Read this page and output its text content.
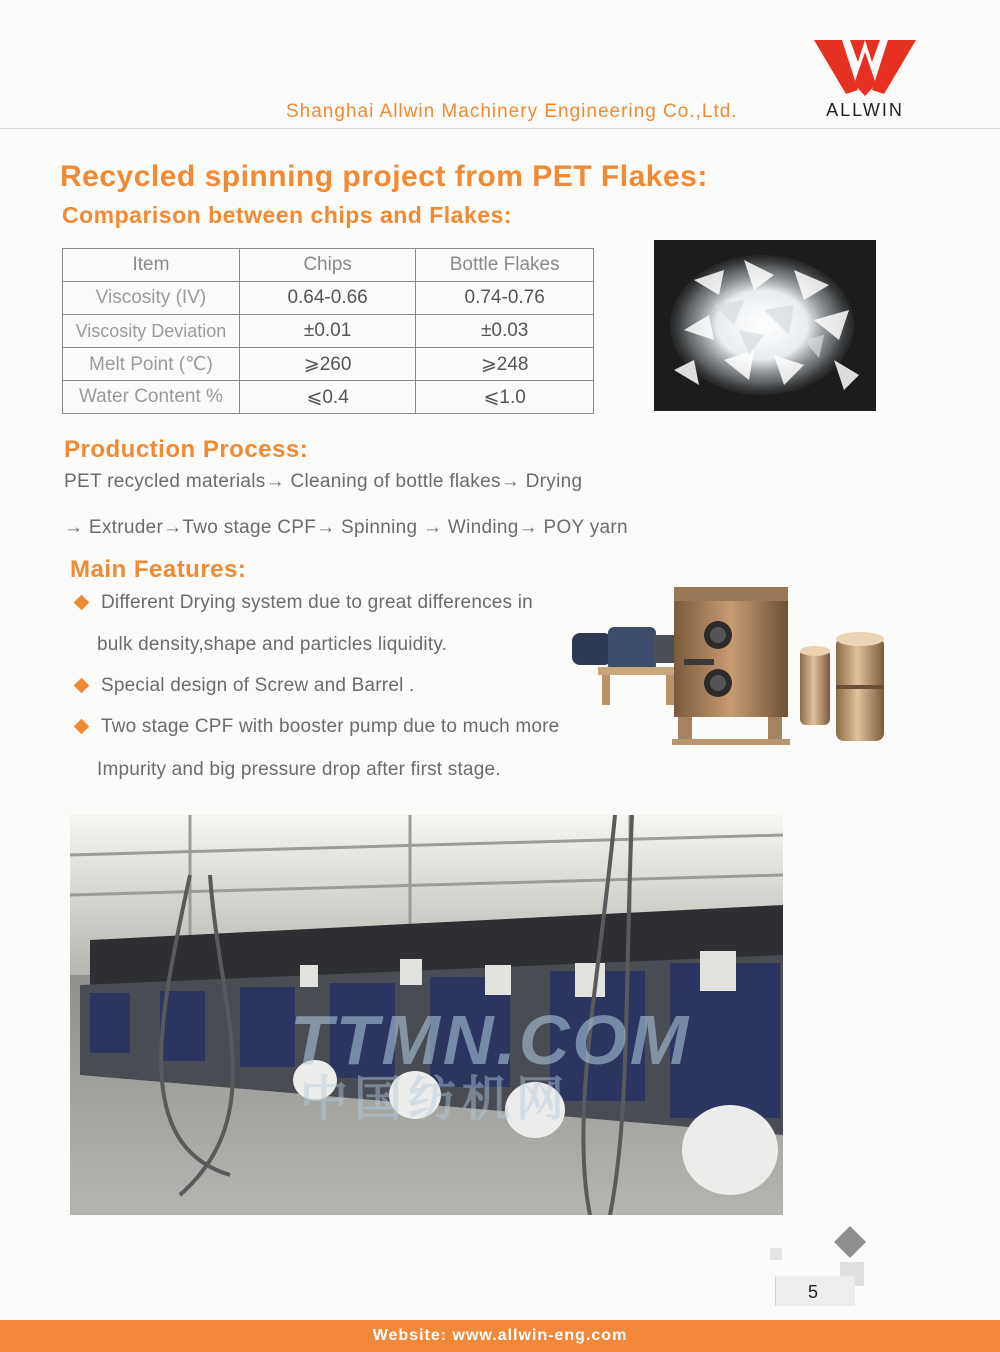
Shanghai Allwin Machinery Engineering Co.,Ltd.	ALLWIN
Recycled spinning project from PET Flakes:
Comparison between chips and Flakes:
Item	Chips	Bottle Flakes
Viscosity (IV)	0.64-0.66	0.74-0.76
Viscosity Deviation	±0.01	±0.03
Melt Point (℃)	⩾260	⩾248
Water Content %	⩽0.4	⩽1.0
Production Process:
PET recycled materials→ Cleaning of bottle flakes→ Drying
→ Extruder→Two stage CPF→ Spinning → Winding→ POY yarn
Main Features:
Different Drying system due to great differences in
bulk density,shape and particles liquidity.
Special design of Screw and Barrel .
Two stage CPF with booster pump due to much more
Impurity and big pressure drop after first stage.
TTMN.COM
中国纺机网
5
Website: www.allwin-eng.com
